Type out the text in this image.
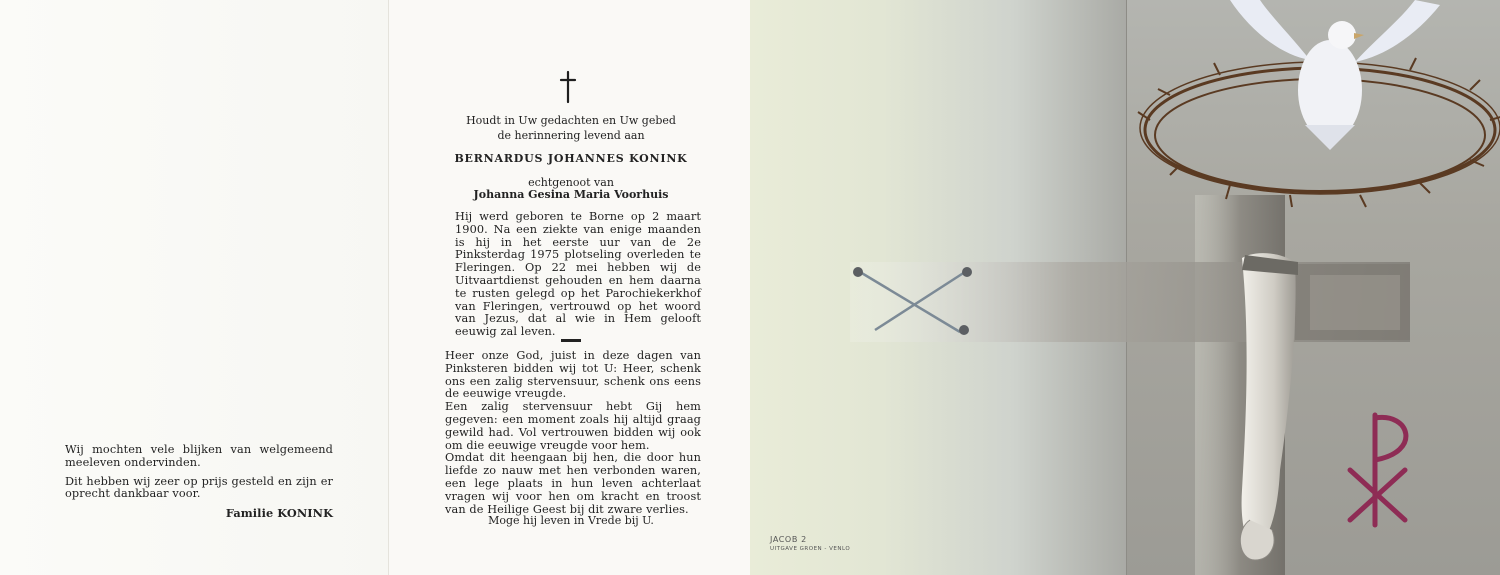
Wij mochten vele blijken van welgemeend meeleven ondervinden.

Dit hebben wij zeer op prijs gesteld en zijn er oprecht dankbaar voor.

Familie KONINK
Houdt in Uw gedachten en Uw gebed
de herinnering levend aan
BERNARDUS JOHANNES KONINK
echtgenoot van
Johanna Gesina Maria Voorhuis
Hij werd geboren te Borne op 2 maart 1900. Na een ziekte van enige maanden is hij in het eerste uur van de 2e Pinksterdag 1975 plotseling overleden te Fleringen. Op 22 mei hebben wij de Uitvaartdienst gehouden en hem daarna te rusten gelegd op het Parochiekerkhof van Fleringen, vertrouwd op het woord van Jezus, dat al wie in Hem gelooft eeuwig zal leven.
Heer onze God, juist in deze dagen van Pinksteren bidden wij tot U: Heer, schenk ons een zalig stervensuur, schenk ons eens de eeuwige vreugde.
Een zalig stervensuur hebt Gij hem gegeven: een moment zoals hij altijd graag gewild had. Vol vertrouwen bidden wij ook om die eeuwige vreugde voor hem.
Omdat dit heengaan bij hen, die door hun liefde zo nauw met hen verbonden waren, een lege plaats in hun leven achterlaat vragen wij voor hen om kracht en troost van de Heilige Geest bij dit zware verlies.
Moge hij leven in Vrede bij U.
JACOB 2
UITGAVE GROEN - VENLO
